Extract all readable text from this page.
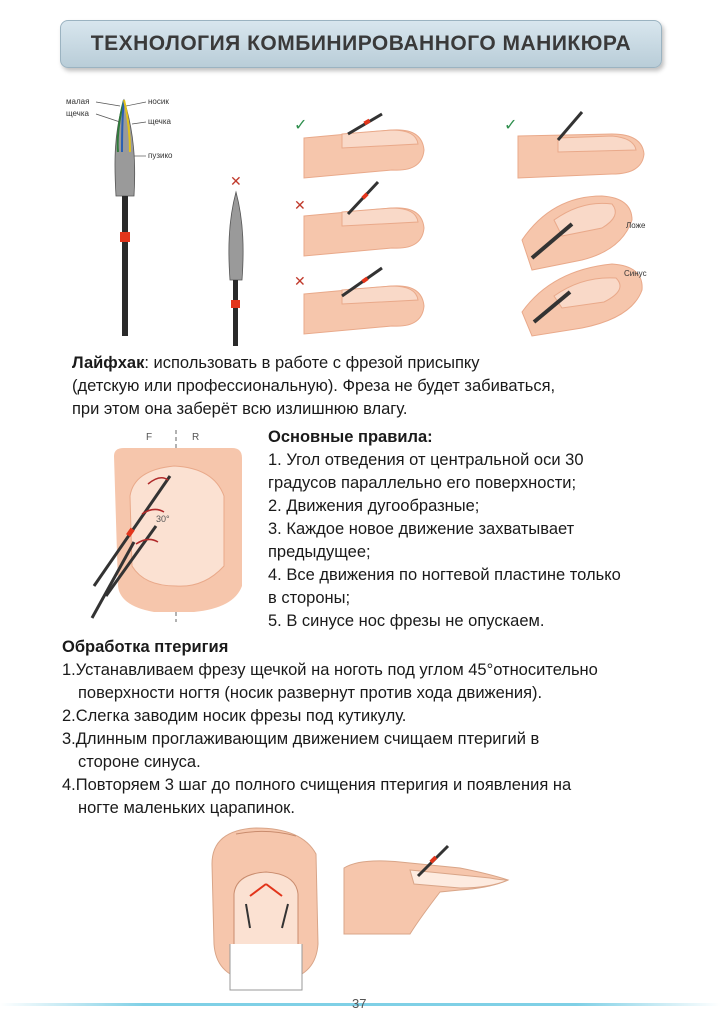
ТЕХНОЛОГИЯ КОМБИНИРОВАННОГО МАНИКЮРА
малая
щечка
носик
щечка
пузико
✕
✓
✕
✕
✓
Ложе
Синус
Лайфхак: использовать в работе с фрезой присыпку
(детскую или профессиональную). Фреза не будет забиваться,
при этом она заберёт всю излишнюю влагу.
F	R
30°
Основные правила:
1. Угол отведения от центральной оси 30
градусов параллельно его поверхности;
2. Движения дугообразные;
3. Каждое новое движение захватывает
предыдущее;
4. Все движения по ногтевой пластине только
в стороны;
5. В синусе нос фрезы не опускаем.
Обработка птеригия
1.Устанавливаем фрезу щечкой на ноготь под углом 45°относительно
поверхности ногтя (носик развернут против хода движения).
2.Слегка заводим носик фрезы под кутикулу.
3.Длинным проглаживающим движением счищаем птеригий в
стороне синуса.
4.Повторяем 3 шаг до полного счищения птеригия и появления на
ногте маленьких царапинок.
37
